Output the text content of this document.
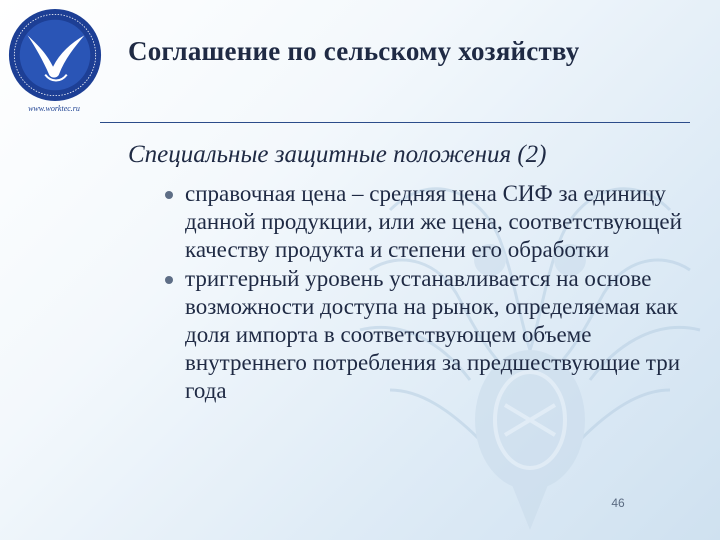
www.worktec.ru
Соглашение по сельскому хозяйству
Специальные защитные положения (2)
справочная цена – средняя цена СИФ за единицу данной продукции, или же цена, соответствующей качеству продукта и степени его обработки
триггерный уровень устанавливается на основе возможности доступа на рынок, определяемая как доля импорта в соответствующем объеме внутреннего потребления за предшествующие три года
46
